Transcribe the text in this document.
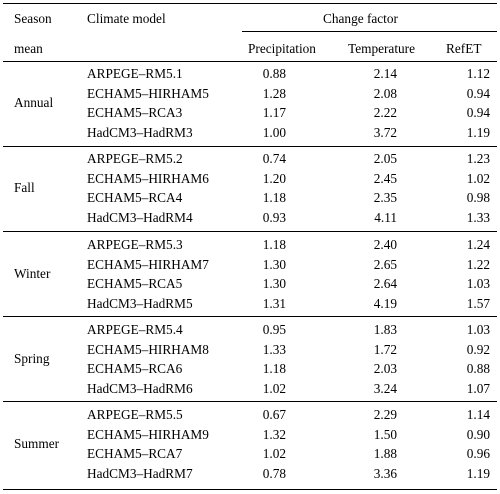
Season
mean
Climate model	Change factor
Precipitation Temperature RefET
Annual
ARPEGE–RM5.1	0.88	2.14	1.12
ECHAM5–HIRHAM5	1.28	2.08	0.94
ECHAM5–RCA3	1.17	2.22	0.94
HadCM3–HadRM3	1.00	3.72	1.19
Fall
ARPEGE–RM5.2	0.74	2.05	1.23
ECHAM5–HIRHAM6	1.20	2.45	1.02
ECHAM5–RCA4	1.18	2.35	0.98
HadCM3–HadRM4	0.93	4.11	1.33
Winter
ARPEGE–RM5.3	1.18	2.40	1.24
ECHAM5–HIRHAM7	1.30	2.65	1.22
ECHAM5–RCA5	1.30	2.64	1.03
HadCM3–HadRM5	1.31	4.19	1.57
Spring
ARPEGE–RM5.4	0.95	1.83	1.03
ECHAM5–HIRHAM8	1.33	1.72	0.92
ECHAM5–RCA6	1.18	2.03	0.88
HadCM3–HadRM6	1.02	3.24	1.07
Summer
ARPEGE–RM5.5	0.67	2.29	1.14
ECHAM5–HIRHAM9	1.32	1.50	0.90
ECHAM5–RCA7	1.02	1.88	0.96
HadCM3–HadRM7	0.78	3.36	1.19
